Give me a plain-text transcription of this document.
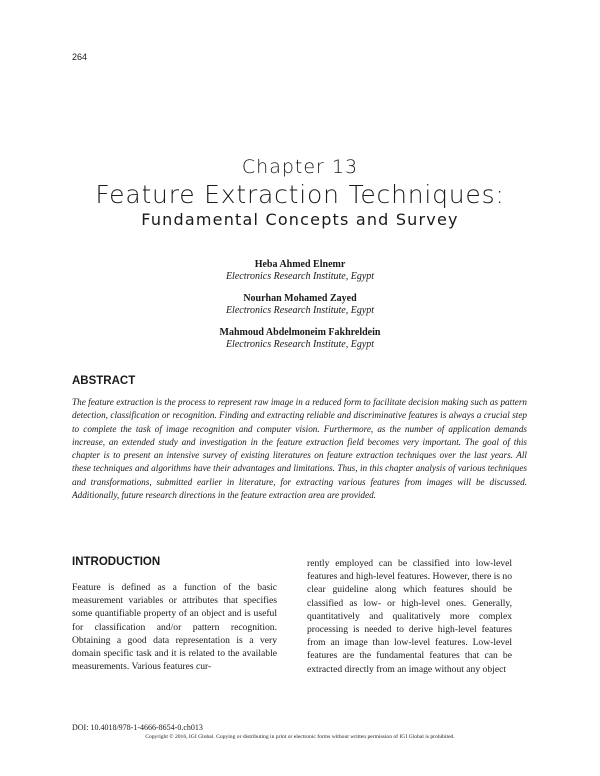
264
Chapter 13
Feature Extraction Techniques:
Fundamental Concepts and Survey
Heba Ahmed Elnemr
Electronics Research Institute, Egypt
Nourhan Mohamed Zayed
Electronics Research Institute, Egypt
Mahmoud Abdelmoneim Fakhreldein
Electronics Research Institute, Egypt
ABSTRACT
The feature extraction is the process to represent raw image in a reduced form to facilitate decision making such as pattern detection, classification or recognition. Finding and extracting reliable and discriminative features is always a crucial step to complete the task of image recognition and computer vision. Furthermore, as the number of application demands increase, an extended study and investigation in the feature extraction field becomes very important. The goal of this chapter is to present an intensive survey of existing literatures on feature extraction techniques over the last years. All these techniques and algorithms have their advantages and limitations. Thus, in this chapter analysis of various techniques and transformations, submitted earlier in literature, for extracting various features from images will be discussed. Additionally, future research directions in the feature extraction area are provided.
INTRODUCTION
Feature is defined as a function of the basic measurement variables or attributes that specifies some quantifiable property of an object and is useful for classification and/or pattern recognition. Obtaining a good data representation is a very domain specific task and it is related to the available measurements. Various features cur-
rently employed can be classified into low-level features and high-level features. However, there is no clear guideline along which features should be classified as low- or high-level ones. Generally, quantitatively and qualitatively more complex processing is needed to derive high-level features from an image than low-level features. Low-level features are the fundamental features that can be extracted directly from an image without any object
DOI: 10.4018/978-1-4666-8654-0.ch013
Copyright © 2016, IGI Global. Copying or distributing in print or electronic forms without written permission of IGI Global is prohibited.
